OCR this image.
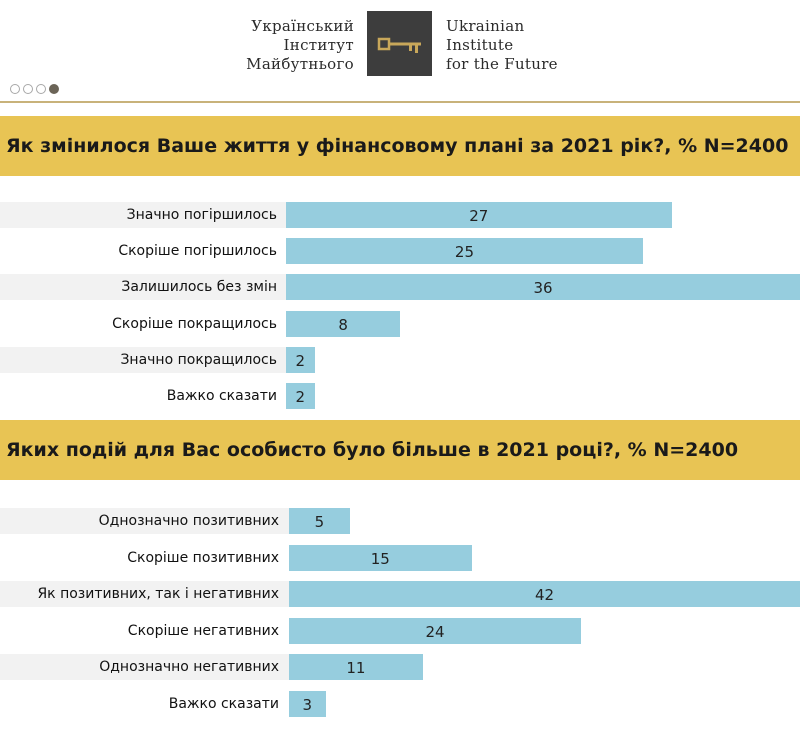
Український
Інститут
Майбутнього
Ukrainian
Institute
for the Future
Як змінилося Ваше життя у фінансовому плані за 2021 рік?, % N=2400
Значно погіршилось	27
Скоріше погіршилось	25
Залишилось без змін	36
Скоріше покращилось	8
Значно покращилось	2
Важко сказати	2
Яких подій для Вас особисто було більше в 2021 році?, % N=2400
Однозначно позитивних	5
Скоріше позитивних	15
Як позитивних, так і негативних	42
Скоріше негативних	24
Однозначно негативних	11
Важко сказати	3
